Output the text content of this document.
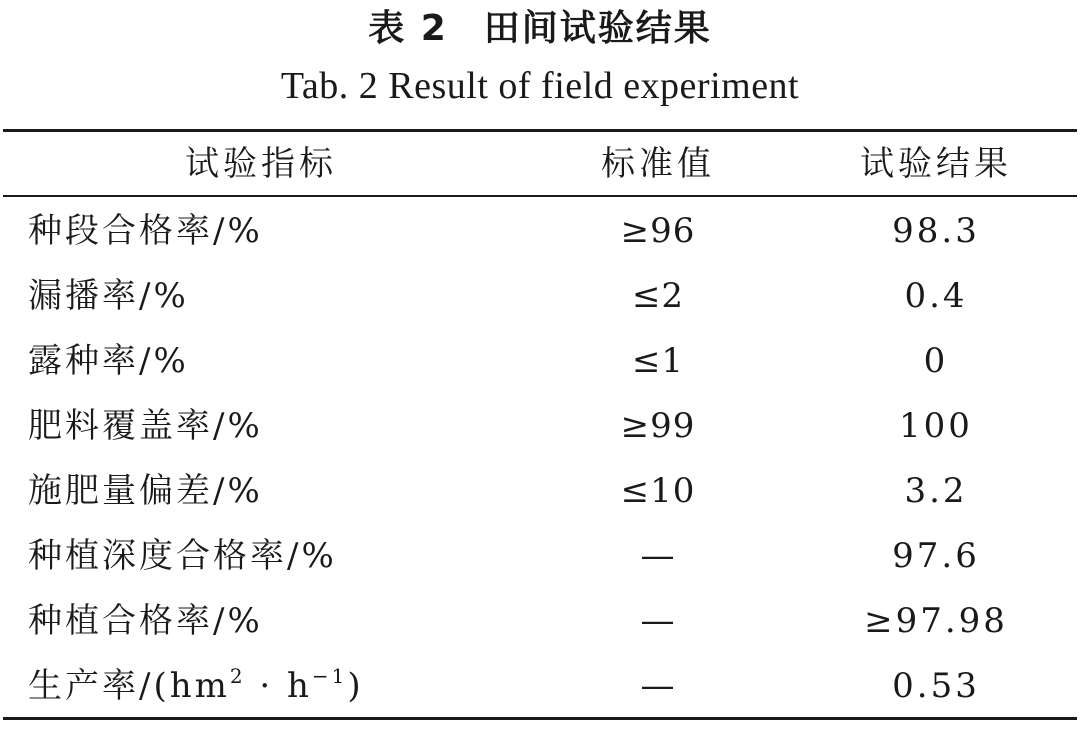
表 2 田间试验结果
Tab. 2 Result of field experiment
试验指标	标准值	试验结果
种段合格率/%	≥96	98.3
漏播率/%	≤2	0.4
露种率/%	≤1	0
肥料覆盖率/%	≥99	100
施肥量偏差/%	≤10	3.2
种植深度合格率/%	—	97.6
种植合格率/%	—	≥97.98
生产率$/(hm^2 \cdot h^{-1})$	—	0.53
